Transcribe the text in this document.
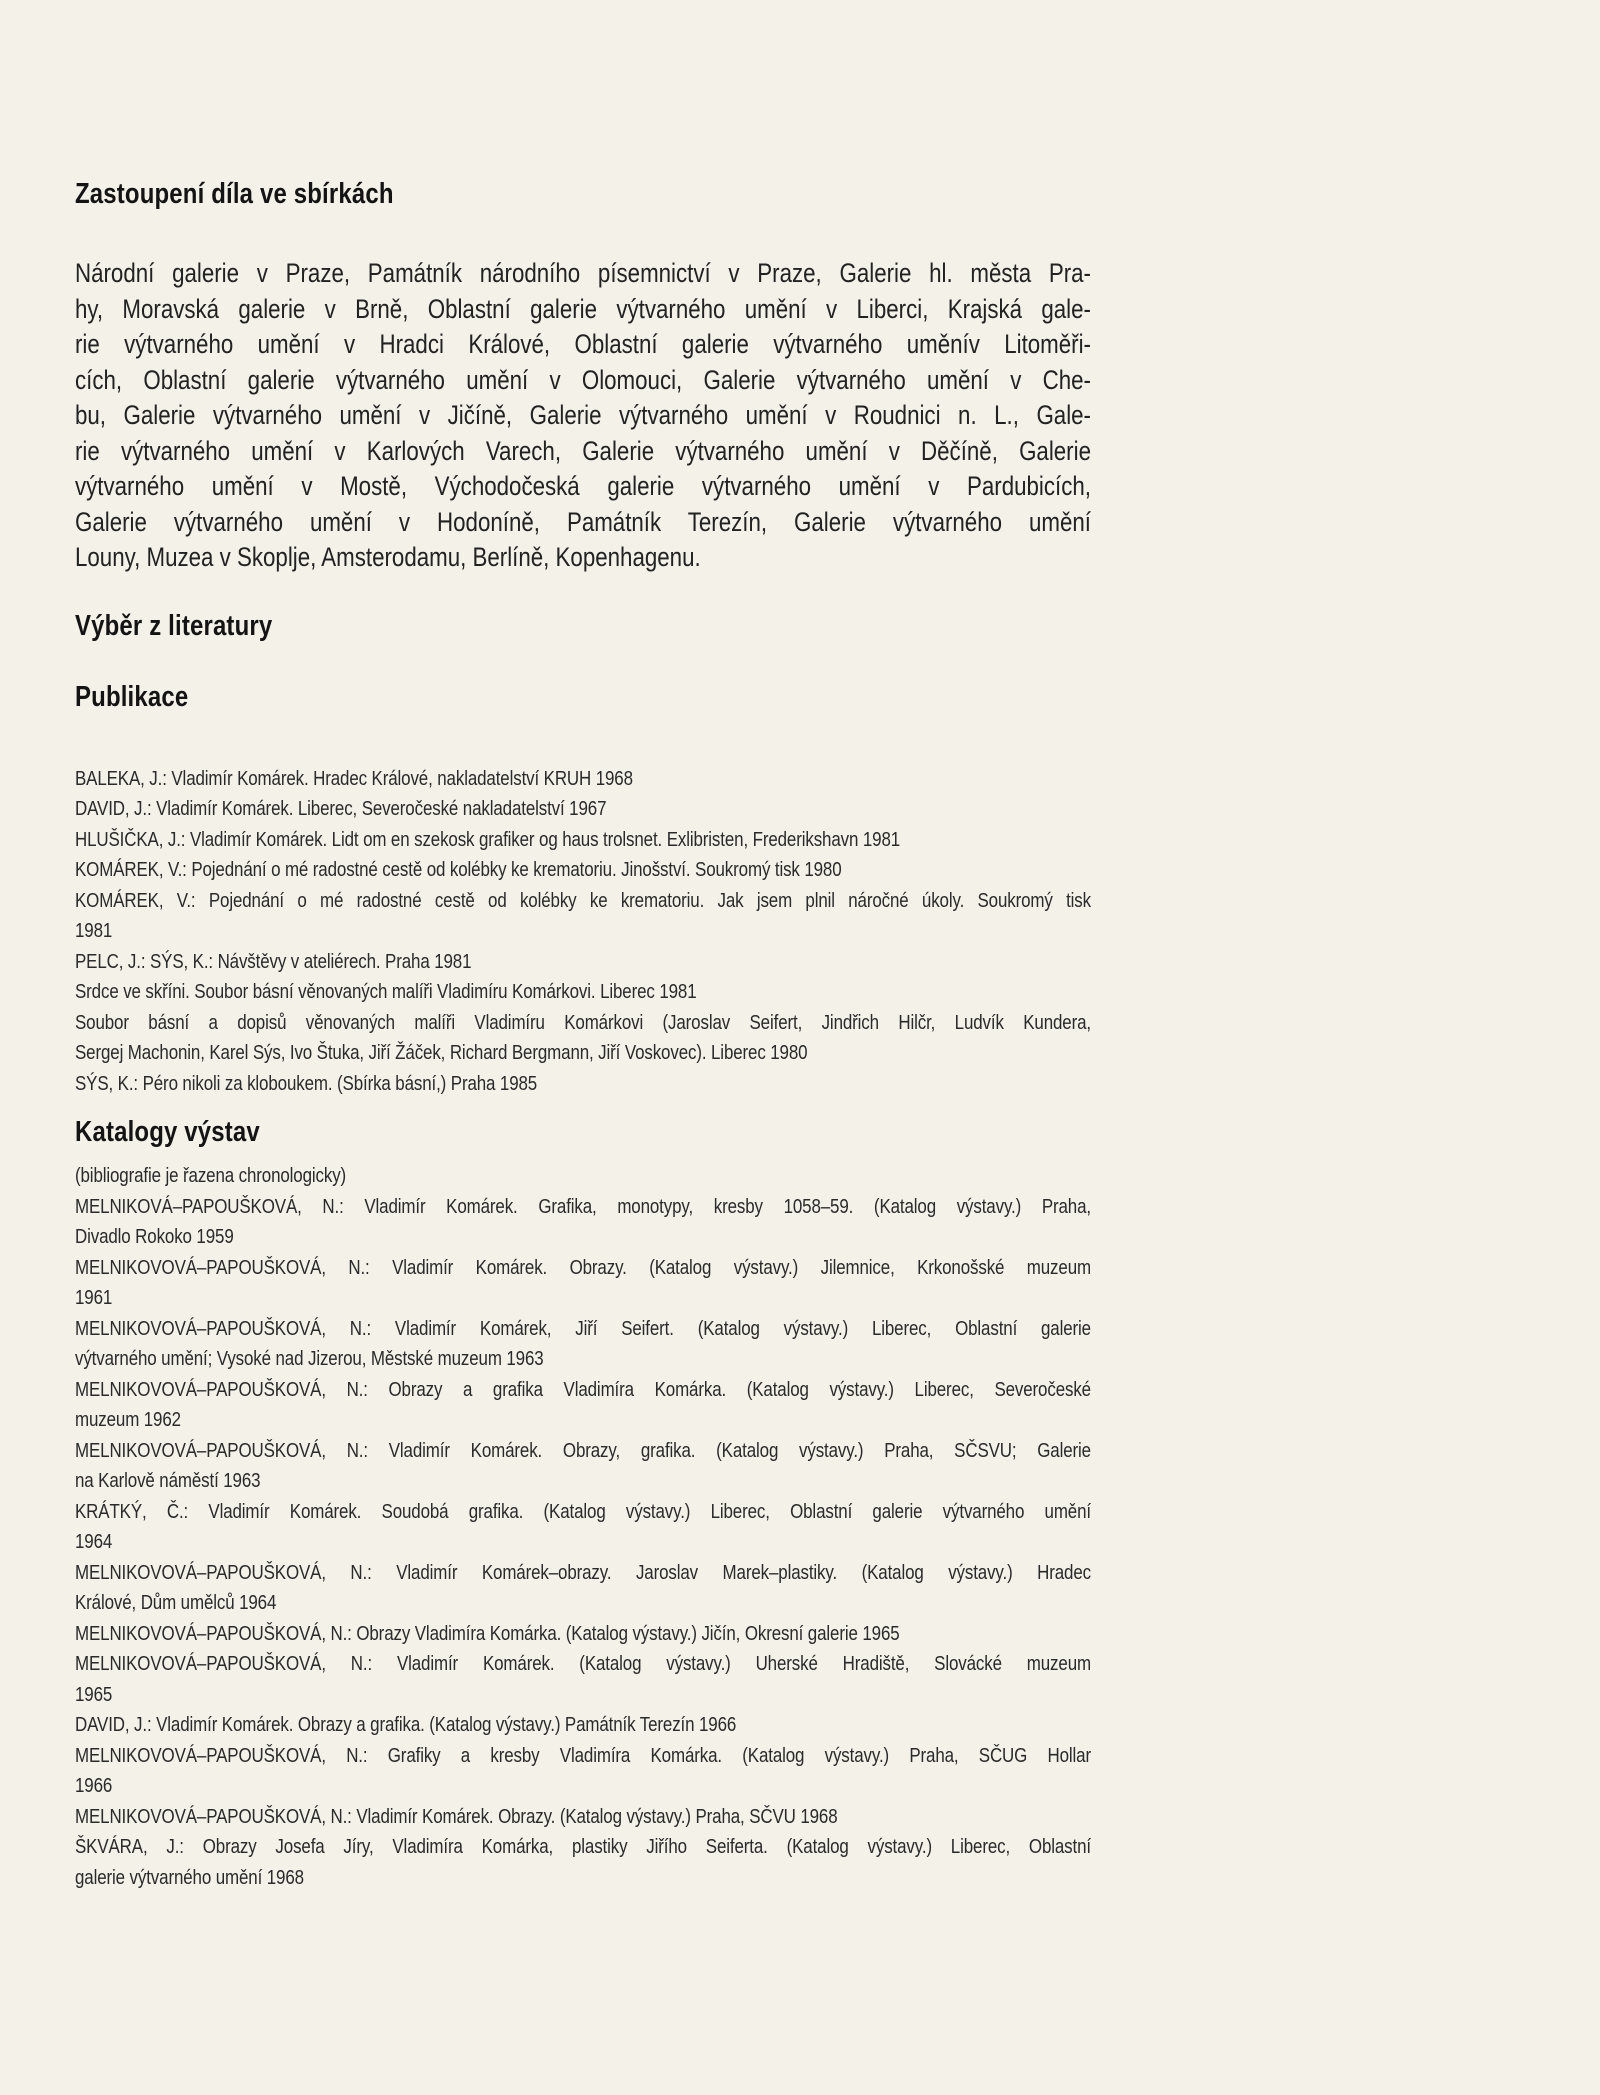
Zastoupení díla ve sbírkách
Národní galerie v Praze, Památník národního písemnictví v Praze, Galerie hl. města Pra-
hy, Moravská galerie v Brně, Oblastní galerie výtvarného umění v Liberci, Krajská gale-
rie výtvarného umění v Hradci Králové, Oblastní galerie výtvarného uměnív Litoměři-
cích, Oblastní galerie výtvarného umění v Olomouci, Galerie výtvarného umění v Che-
bu, Galerie výtvarného umění v Jičíně, Galerie výtvarného umění v Roudnici n. L., Gale-
rie výtvarného umění v Karlových Varech, Galerie výtvarného umění v Děčíně, Galerie
výtvarného umění v Mostě, Východočeská galerie výtvarného umění v Pardubicích,
Galerie výtvarného umění v Hodoníně, Památník Terezín, Galerie výtvarného umění
Louny, Muzea v Skoplje, Amsterodamu, Berlíně, Kopenhagenu.
Výběr z literatury
Publikace
BALEKA, J.: Vladimír Komárek. Hradec Králové, nakladatelství KRUH 1968
DAVID, J.: Vladimír Komárek. Liberec, Severočeské nakladatelství 1967
HLUŠIČKA, J.: Vladimír Komárek. Lidt om en szekosk grafiker og haus trolsnet. Exlibristen, Frederikshavn 1981
KOMÁREK, V.: Pojednání o mé radostné cestě od kolébky ke krematoriu. Jinošství. Soukromý tisk 1980
KOMÁREK, V.: Pojednání o mé radostné cestě od kolébky ke krematoriu. Jak jsem plnil náročné úkoly. Soukromý tisk
1981
PELC, J.: SÝS, K.: Návštěvy v ateliérech. Praha 1981
Srdce ve skříni. Soubor básní věnovaných malíři Vladimíru Komárkovi. Liberec 1981
Soubor básní a dopisů věnovaných malíři Vladimíru Komárkovi (Jaroslav Seifert, Jindřich Hilčr, Ludvík Kundera,
Sergej Machonin, Karel Sýs, Ivo Štuka, Jiří Žáček, Richard Bergmann, Jiří Voskovec). Liberec 1980
SÝS, K.: Péro nikoli za kloboukem. (Sbírka básní,) Praha 1985
Katalogy výstav
(bibliografie je řazena chronologicky)
MELNIKOVÁ–PAPOUŠKOVÁ, N.: Vladimír Komárek. Grafika, monotypy, kresby 1058–59. (Katalog výstavy.) Praha,
Divadlo Rokoko 1959
MELNIKOVOVÁ–PAPOUŠKOVÁ, N.: Vladimír Komárek. Obrazy. (Katalog výstavy.) Jilemnice, Krkonošské muzeum
1961
MELNIKOVOVÁ–PAPOUŠKOVÁ, N.: Vladimír Komárek, Jiří Seifert. (Katalog výstavy.) Liberec, Oblastní galerie
výtvarného umění; Vysoké nad Jizerou, Městské muzeum 1963
MELNIKOVOVÁ–PAPOUŠKOVÁ, N.: Obrazy a grafika Vladimíra Komárka. (Katalog výstavy.) Liberec, Severočeské
muzeum 1962
MELNIKOVOVÁ–PAPOUŠKOVÁ, N.: Vladimír Komárek. Obrazy, grafika. (Katalog výstavy.) Praha, SČSVU; Galerie
na Karlově náměstí 1963
KRÁTKÝ, Č.: Vladimír Komárek. Soudobá grafika. (Katalog výstavy.) Liberec, Oblastní galerie výtvarného umění
1964
MELNIKOVOVÁ–PAPOUŠKOVÁ, N.: Vladimír Komárek–obrazy. Jaroslav Marek–plastiky. (Katalog výstavy.) Hradec
Králové, Dům umělců 1964
MELNIKOVOVÁ–PAPOUŠKOVÁ, N.: Obrazy Vladimíra Komárka. (Katalog výstavy.) Jičín, Okresní galerie 1965
MELNIKOVOVÁ–PAPOUŠKOVÁ, N.: Vladimír Komárek. (Katalog výstavy.) Uherské Hradiště, Slovácké muzeum
1965
DAVID, J.: Vladimír Komárek. Obrazy a grafika. (Katalog výstavy.) Památník Terezín 1966
MELNIKOVOVÁ–PAPOUŠKOVÁ, N.: Grafiky a kresby Vladimíra Komárka. (Katalog výstavy.) Praha, SČUG Hollar
1966
MELNIKOVOVÁ–PAPOUŠKOVÁ, N.: Vladimír Komárek. Obrazy. (Katalog výstavy.) Praha, SČVU 1968
ŠKVÁRA, J.: Obrazy Josefa Jíry, Vladimíra Komárka, plastiky Jiřího Seiferta. (Katalog výstavy.) Liberec, Oblastní
galerie výtvarného umění 1968
